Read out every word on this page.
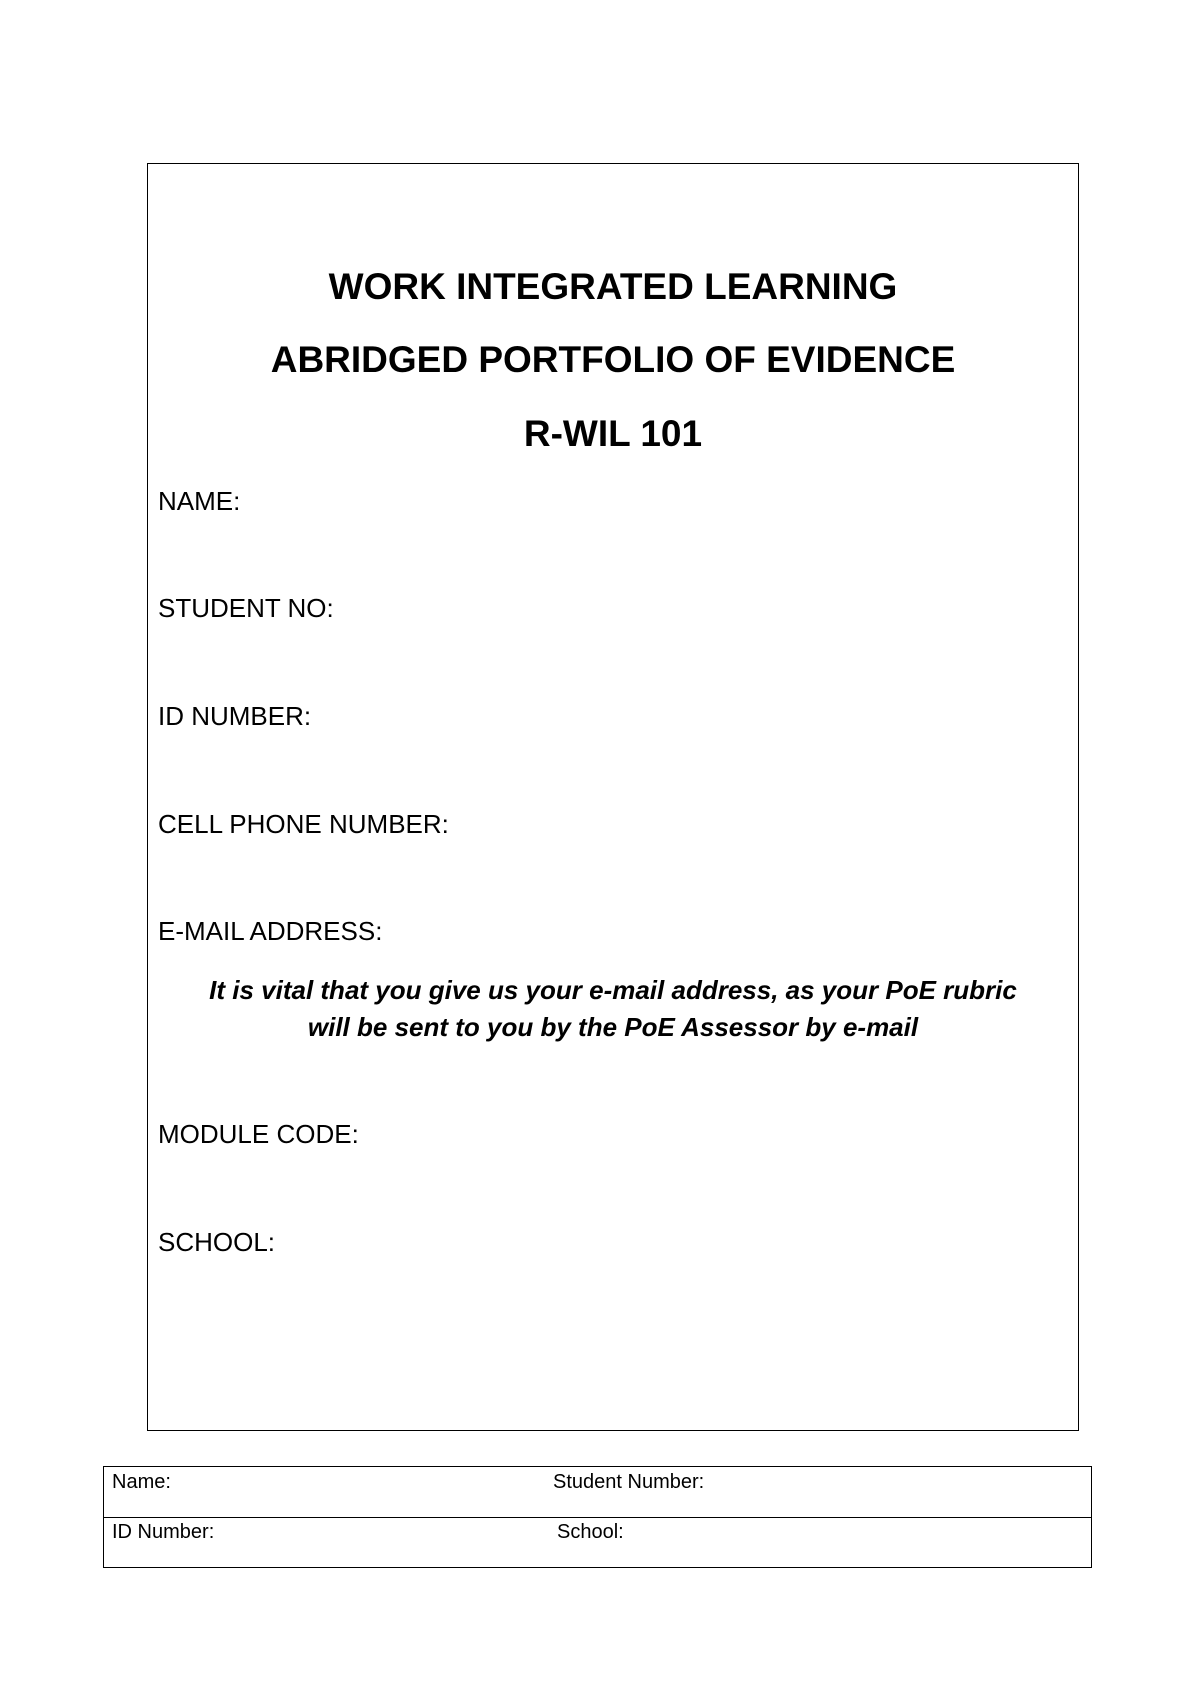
WORK INTEGRATED LEARNING
ABRIDGED PORTFOLIO OF EVIDENCE
R-WIL 101
NAME:
STUDENT NO:
ID NUMBER:
CELL PHONE NUMBER:
E-MAIL ADDRESS:
It is vital that you give us your e-mail address, as your PoE rubric
will be sent to you by the PoE Assessor by e-mail
MODULE CODE:
SCHOOL:
Name:	Student Number:
ID Number:	School:
